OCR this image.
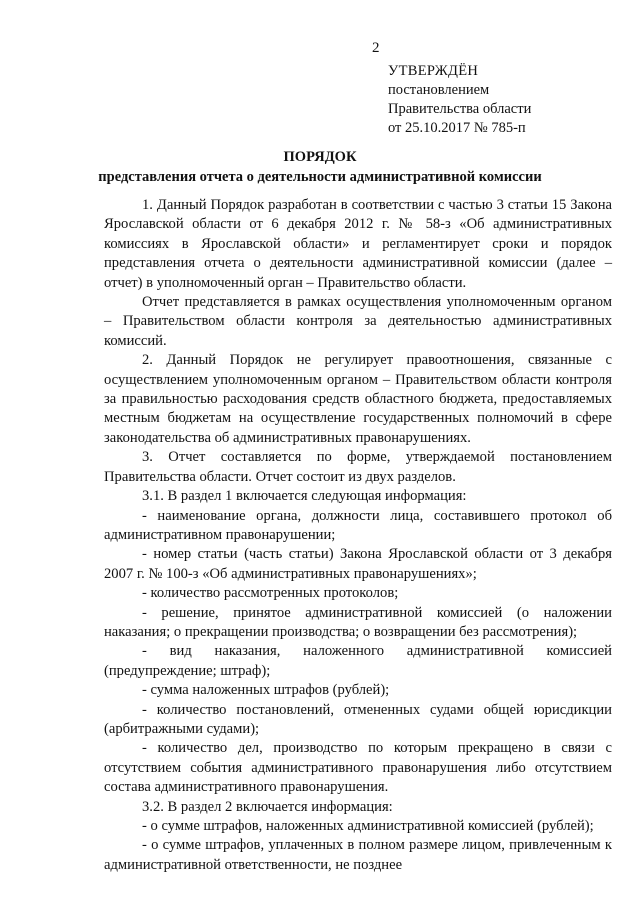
2
УТВЕРЖДЁН
постановлением
Правительства области
от 25.10.2017 № 785-п
ПОРЯДОК
представления отчета о деятельности административной комиссии

1. Данный Порядок разработан в соответствии с частью 3 статьи 15 Закона Ярославской области от 6 декабря 2012 г. № 58-з «Об административных комиссиях в Ярославской области» и регламентирует сроки и порядок представления отчета о деятельности административной комиссии (далее – отчет) в уполномоченный орган – Правительство области.

Отчет представляется в рамках осуществления уполномоченным органом – Правительством области контроля за деятельностью административных комиссий.

2. Данный Порядок не регулирует правоотношения, связанные с осуществлением уполномоченным органом – Правительством области контроля за правильностью расходования средств областного бюджета, предоставляемых местным бюджетам на осуществление государственных полномочий в сфере законодательства об административных правонарушениях.

3. Отчет составляется по форме, утверждаемой постановлением Правительства области. Отчет состоит из двух разделов.

3.1. В раздел 1 включается следующая информация:

- наименование органа, должности лица, составившего протокол об административном правонарушении;

- номер статьи (часть статьи) Закона Ярославской области от 3 декабря 2007 г. № 100-з «Об административных правонарушениях»;

- количество рассмотренных протоколов;

- решение, принятое административной комиссией (о наложении наказания; о прекращении производства; о возвращении без рассмотрения);

- вид наказания, наложенного административной комиссией (предупреждение; штраф);

- сумма наложенных штрафов (рублей);

- количество постановлений, отмененных судами общей юрисдикции (арбитражными судами);

- количество дел, производство по которым прекращено в связи с отсутствием события административного правонарушения либо отсутствием состава административного правонарушения.

3.2. В раздел 2 включается информация:

- о сумме штрафов, наложенных административной комиссией (рублей);

- о сумме штрафов, уплаченных в полном размере лицом, привлеченным к административной ответственности, не позднее
